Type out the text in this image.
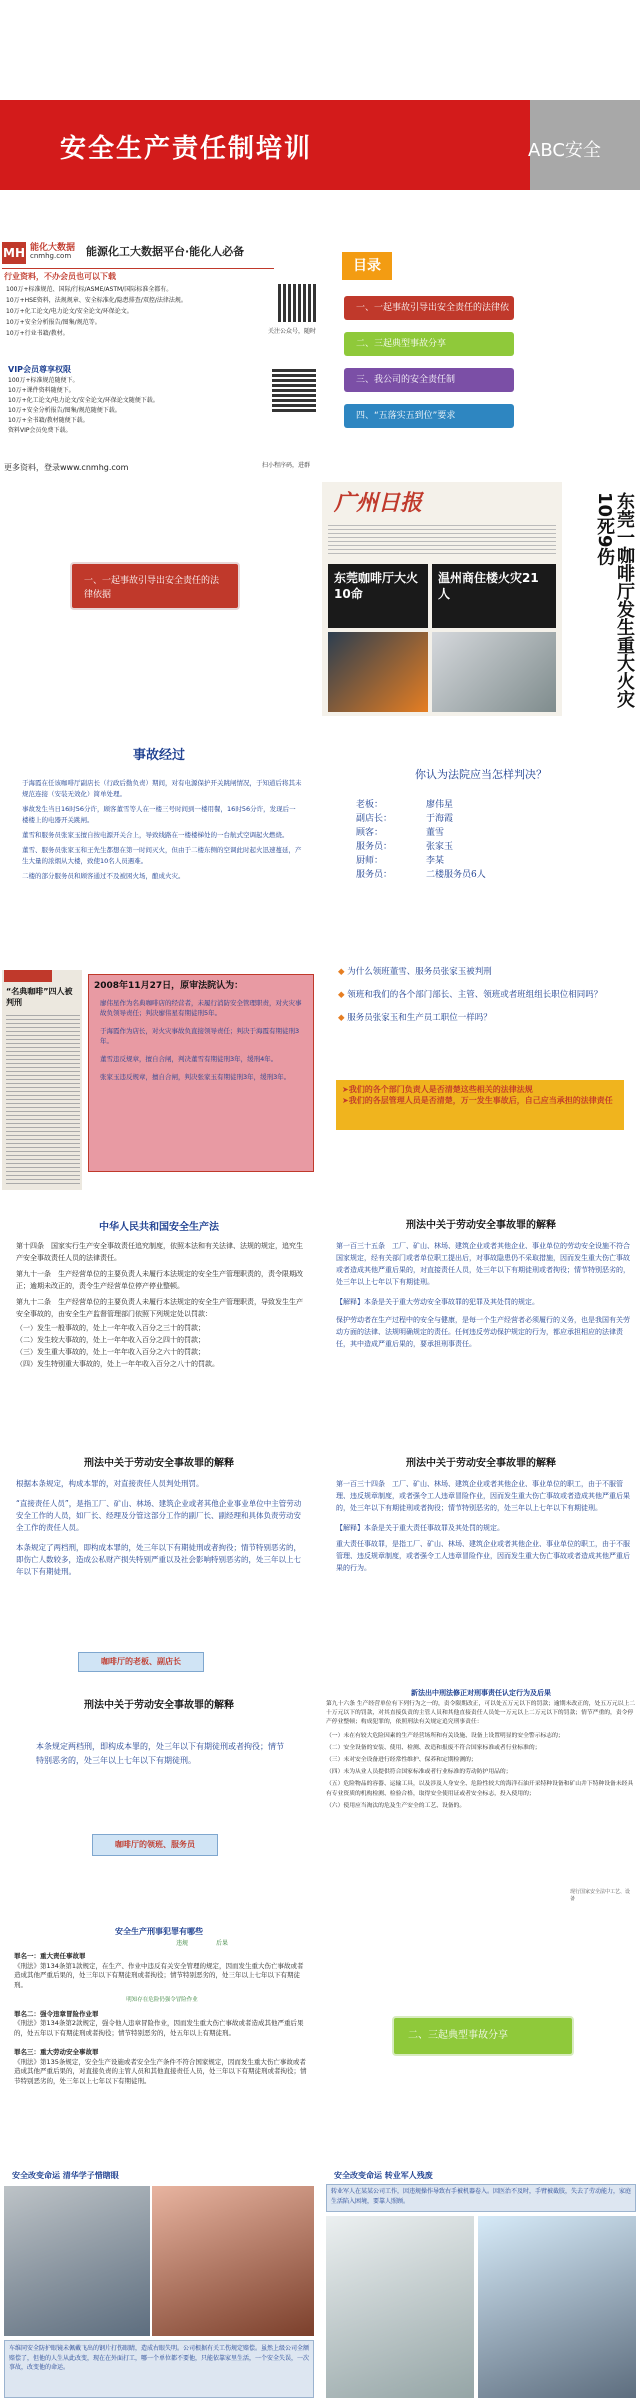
安全生产责任制培训	ABC安全
MH 能化大数据
cnmhg.com 能源化工大数据平台·能化人必备
行业资料，不办会员也可以下载
100万+标准规范、国际/行标/ASME/ASTM/国际标准全都有。
10万+HSE资料，法规规章、安全标准化/隐患排查/双控/法律法规。
10万+化工论文/电力论文/安全论文/环保论文。
10万+安全分析报告/图集/规范等。
10万+行业书籍/教材。
VIP会员尊享权限
100万+标准规范随便下。
10万+课件资料随便下。
10万+化工论文/电力论文/安全论文/环保论文随便下载。
10万+安全分析报告/图集/规范随便下载。
10万+全书籍/教材随便下载。
资料VIP会员免费下载。
更多资料，登录www.cnmhg.com
关注公众号，随时
扫小程序码，进群
目录
一、一起事故引导出安全责任的法律依
二、三起典型事故分享
三、我公司的安全责任制
四、“五落实五到位”要求
一、一起事故引导出安全责任的法律依据
广州日报
东莞咖啡厅大火10命
温州商住楼火灾21人	东莞一咖啡厅发生重大火灾10死9伤
事故经过
于海霞在任该咖啡厅副店长（行政后勤负责）期间，对有电源保护开关跳闸情况，于知道后将其未规范连接（安装无效化）简单处理。
事故发生当日16时56分许，顾客董雪等人在一楼三号时间到一楼用餐，16时56分许，发现后一楼楼上的电器开关跳闸。
董雪和服务员张家玉擅自按电源开关合上，导致线路在一楼楼梯处的一台航式空调起火燃烧。
董雪、服务员张家玉和王先生都想在第一时间灭火，但由于二楼东侧的空调此时起火迅速蔓延，产生大量的浓烟从大楼，致使10名人员遇难。
二楼的部分服务员和顾客通过不及被困火场，酿成火灾。
你认为法院应当怎样判决？
老板：	廖伟星
副店长：	于海霞
顾客：	董雪
服务员：	张家玉
厨师：	李某
服务员：	二楼服务员6人
“名典咖啡”四人被判刑
2008年11月27日，原审法院认为：
廖伟星作为名典咖啡店的经营者，未履行消防安全管理职责，对火灾事故负领导责任；判决廖伟星有期徒刑5年。
于海霞作为店长，对火灾事故负直接领导责任；判决于海霞有期徒刑3年。
董雪违反规章，擅自合闸，判决董雪有期徒刑3年，缓刑4年。
张家玉违反规章，擅自合闸，判决张家玉有期徒刑3年，缓刑3年。
◆ 为什么领班董雪、服务员张家玉被判刑
◆ 领班和我们的各个部门部长、主管、领班或者班组组长职位相同吗？
◆ 服务员张家玉和生产员工职位一样吗？
➤我们的各个部门负责人是否清楚这些相关的法律法规
➤我们的各层管理人员是否清楚，万一发生事故后，自己应当承担的法律责任
中华人民共和国安全生产法
第十四条　国家实行生产安全事故责任追究制度，依照本法和有关法律、法规的规定，追究生产安全事故责任人员的法律责任。
第九十一条　生产经营单位的主要负责人未履行本法规定的安全生产管理职责的，责令限期改正；逾期未改正的，责令生产经营单位停产停业整顿。
第九十二条　生产经营单位的主要负责人未履行本法规定的安全生产管理职责，导致发生生产安全事故的，由安全生产监督管理部门依照下列规定处以罚款：
（一）发生一般事故的，处上一年年收入百分之三十的罚款；
（二）发生较大事故的，处上一年年收入百分之四十的罚款；
（三）发生重大事故的，处上一年年收入百分之六十的罚款；
（四）发生特别重大事故的，处上一年年收入百分之八十的罚款。
刑法中关于劳动安全事故罪的解释
第一百三十五条　工厂、矿山、林场、建筑企业或者其他企业、事业单位的劳动安全设施不符合国家规定，经有关部门或者单位职工提出后，对事故隐患仍不采取措施，因而发生重大伤亡事故或者造成其他严重后果的，对直接责任人员，处三年以下有期徒刑或者拘役；情节特别恶劣的，处三年以上七年以下有期徒刑。
【解释】本条是关于重大劳动安全事故罪的犯罪及其处罚的规定。
保护劳动者在生产过程中的安全与健康，是每一个生产经营者必须履行的义务，也是我国有关劳动方面的法律、法规明确规定的责任。任何违反劳动保护规定的行为，都应承担相应的法律责任，其中造成严重后果的，要承担刑事责任。
刑法中关于劳动安全事故罪的解释
根据本条规定，构成本罪的，对直接责任人员判处刑罚。
“直接责任人员”，是指工厂、矿山、林场、建筑企业或者其他企业事业单位中主管劳动安全工作的人员，如厂长、经理及分管这部分工作的副厂长、副经理和具体负责劳动安全工作的责任人员。
本条规定了两档刑，即构成本罪的，处三年以下有期徒刑或者拘役；情节特别恶劣的，即伤亡人数较多，造成公私财产损失特别严重以及社会影响特别恶劣的，处三年以上七年以下有期徒刑。
咖啡厅的老板、副店长
刑法中关于劳动安全事故罪的解释
第一百三十四条　工厂、矿山、林场、建筑企业或者其他企业、事业单位的职工，由于不服管理、违反规章制度，或者强令工人违章冒险作业，因而发生重大伤亡事故或者造成其他严重后果的，处三年以下有期徒刑或者拘役；情节特别恶劣的，处三年以上七年以下有期徒刑。
【解释】本条是关于重大责任事故罪及其处罚的规定。
重大责任事故罪，是指工厂、矿山、林场、建筑企业或者其他企业、事业单位的职工，由于不服管理、违反规章制度，或者强令工人违章冒险作业，因而发生重大伤亡事故或者造成其他严重后果的行为。
刑法中关于劳动安全事故罪的解释
本条规定两档刑，即构成本罪的，处三年以下有期徒刑或者拘役；情节特别恶劣的，处三年以上七年以下有期徒刑。
咖啡厅的领班、服务员
新法出中刑法修正对刑事责任认定行为及后果
第九十六条 生产经营单位有下列行为之一的，责令限期改正，可以处五万元以下的罚款；逾期未改正的，处五万元以上二十万元以下的罚款，对其直接负责的主管人员和其他直接责任人员处一万元以上二万元以下的罚款；情节严重的，责令停产停业整顿；构成犯罪的，依照刑法有关规定追究刑事责任：
（一）未在有较大危险因素的生产经营场所和有关设施、设备上设置明显的安全警示标志的；
（二）安全设备的安装、使用、检测、改造和报废不符合国家标准或者行业标准的；
（三）未对安全设备进行经常性维护、保养和定期检测的；
（四）未为从业人员提供符合国家标准或者行业标准的劳动防护用品的；
（五）危险物品的容器、运输工具，以及涉及人身安全、危险性较大的海洋石油开采特种设备和矿山井下特种设备未经具有专业资质的机构检测、检验合格，取得安全使用证或者安全标志，投入使用的；
（六）使用应当淘汰的危及生产安全的工艺、设备的。
现行国家安全法中工艺、设备
安全生产刑事犯罪有哪些
违规	后果
罪名一：重大责任事故罪
《刑法》第134条第1款规定，在生产、作业中违反有关安全管理的规定，因而发生重大伤亡事故或者造成其他严重后果的，处三年以下有期徒刑或者拘役；情节特别恶劣的，处三年以上七年以下有期徒刑。
明知存在危险仍强令冒险作业
罪名二：强令违章冒险作业罪
《刑法》第134条第2款规定，强令他人违章冒险作业，因而发生重大伤亡事故或者造成其他严重后果的，处五年以下有期徒刑或者拘役；情节特别恶劣的，处五年以上有期徒刑。
罪名三：重大劳动安全事故罪
《刑法》第135条规定，安全生产设施或者安全生产条件不符合国家规定，因而发生重大伤亡事故或者造成其他严重后果的，对直接负责的主管人员和其他直接责任人员，处三年以下有期徒刑或者拘役；情节特别恶劣的，处三年以上七年以下有期徒刑。
二、三起典型事故分享
安全改变命运 清华学子惜瞎眼
车维同安全防护眼镜未佩戴飞出的钢片打伤眼睛，造成右眼失明。公司根据有关工伤规定赔偿。虽然上级公司全额赔偿了，但他的人生从此改变，现在在外面打工，哪一个单位都不要他，只能依靠家里生活，一个安全失误，一次事故，改变他的命运。
安全改变命运 转业军人残废
转业军人在某某公司工作，因违规操作导致右手被机器卷入。因医治不及时，手臂被截肢，失去了劳动能力，家庭生活陷入困境，要靠人照顾。
